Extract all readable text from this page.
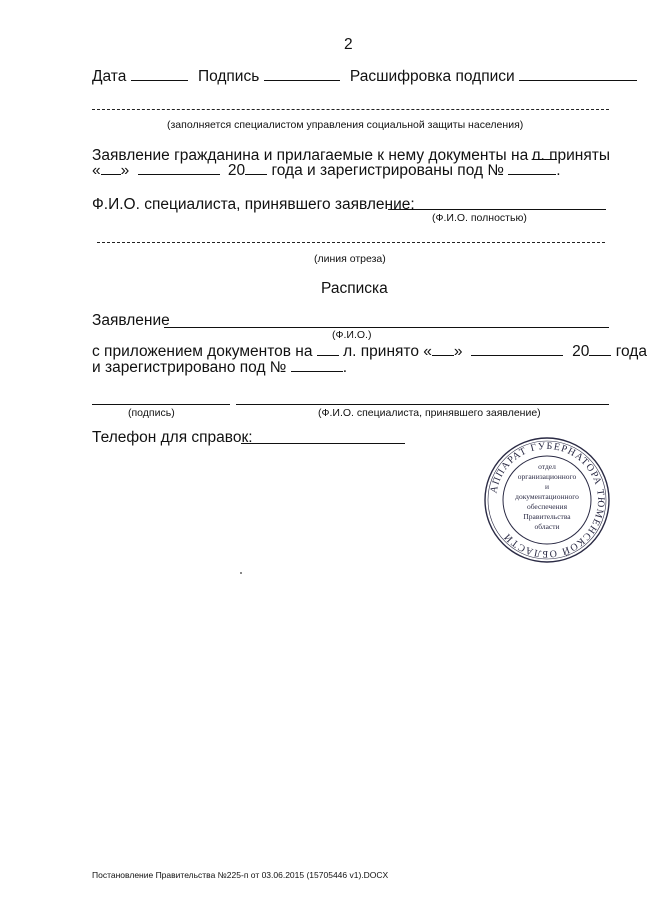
2
Дата	Подпись	Расшифровка подписи
(заполняется специалистом управления социальной защиты населения)
Заявление гражданина и прилагаемые к нему документы на л. приняты
« »	20 года и зарегистрированы под №	.
Ф.И.О. специалиста, принявшего заявление:
(Ф.И.О. полностью)
(линия отреза)
Расписка
Заявление
(Ф.И.О.)
с приложением документов на л. принято « »	20 года
и зарегистрировано под №	.
(подпись)	(Ф.И.О. специалиста, принявшего заявление)
Телефон для справок:
АППАРАТ ГУБЕРНАТОРА ТЮМЕНСКОЙ ОБЛАСТИ
отдел
организационного
и
документационного
обеспечения
Правительства
области
Постановление Правительства №225-п от 03.06.2015 (15705446 v1).DOCX
